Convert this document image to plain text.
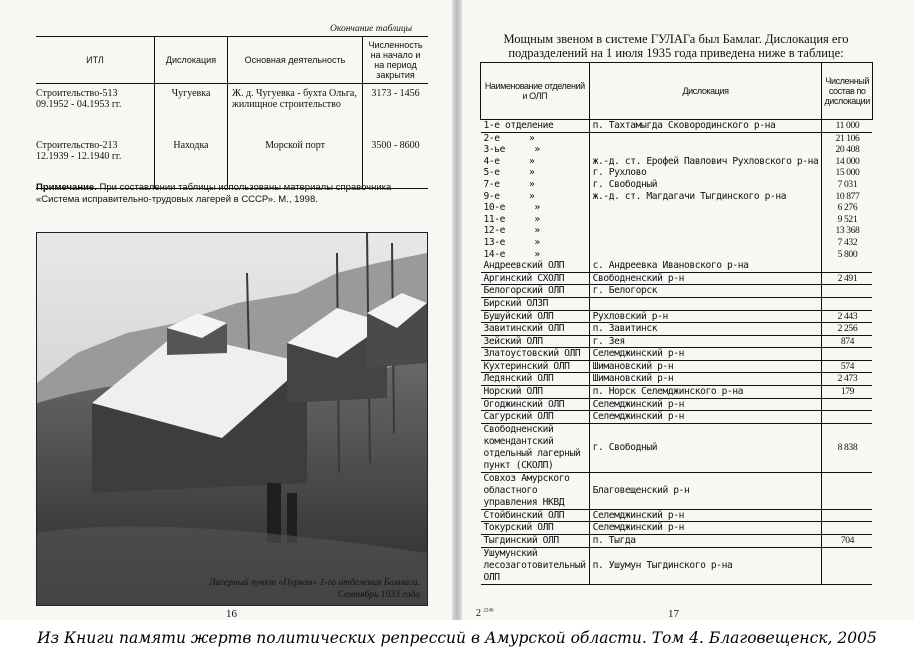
Окончание таблицы
ИТЛ	Дислокация	Основная деятельность	Численность на начало и на период закрытия
Строительство-513 09.1952 - 04.1953 гг.	Чугуевка	Ж. д. Чугуевка - бухта Ольга, жилищное строительство	3173 - 1456
Строительство-213 12.1939 - 12.1940 гг.	Находка	Морской порт	3500 - 8600
Примечание. При составлении таблицы использованы материалы справочника «Система исправительно-трудовых лагерей в СССР». М., 1998.
Лагерный пункт «Пуркан» 1-го отделения Бамлага.
Сентябрь 1933 года
16
Мощным звеном в системе ГУЛАГа был Бамлаг. Дислокация его подразделений на 1 июля 1935 года приведена ниже в таблице:
Наименование отделений и ОЛП	Дислокация	Численный состав по дислокации
1-е отделение	п. Тахтамыгда Сковородинского р-на	11 000
2-е »		21 106
3-ье »		20 408
4-е »	ж.-д. ст. Ерофей Павлович Рухловского р-на	14 000
5-е »	г. Рухлово	15 000
7-е »	г. Свободный	7 031
9-е »	ж.-д. ст. Магдагачи Тыгдинского р-на	10 877
10-е »		6 276
11-е »		9 521
12-е »		13 368
13-е »		7 432
14-е »		5 800
Андреевский ОЛП	с. Андреевка Ивановского р-на	
Аргинский СХОЛП	Свободненский р-н	2 491
Белогорский ОЛП	г. Белогорск	
Бирский ОЛЗП		
Бушуйский ОЛП	Рухловский р-н	2 443
Завитинский ОЛП	п. Завитинск	2 256
Зейский ОЛП	г. Зея	874
Златоустовский ОЛП	Селемджинский р-н	
Кухтеринский ОЛП	Шимановский р-н	574
Ледянский ОЛП	Шимановский р-н	2 473
Норский ОЛП	п. Норск Селемджинского р-на	179
Огоджинский ОЛП	Селемджинский р-н	
Сагурский ОЛП	Селемджинский р-н	
Свободненский комендантский отдельный лагерный пункт (СКОЛП)	г. Свободный	8 838
Совхоз Амурского областного управления НКВД	Благовещенский р-н	
Стойбинский ОЛП	Селемджинский р-н	
Токурский ОЛП	Селемджинский р-н	
Тыгдинский ОЛП	п. Тыгда	704
Ушумунский лесозаготовительный ОЛП	п. Ушумун Тыгдинского р-на	
2 $^{2246}$	17
Из Книги памяти жертв политических репрессий в Амурской области. Том 4. Благовещенск, 2005
